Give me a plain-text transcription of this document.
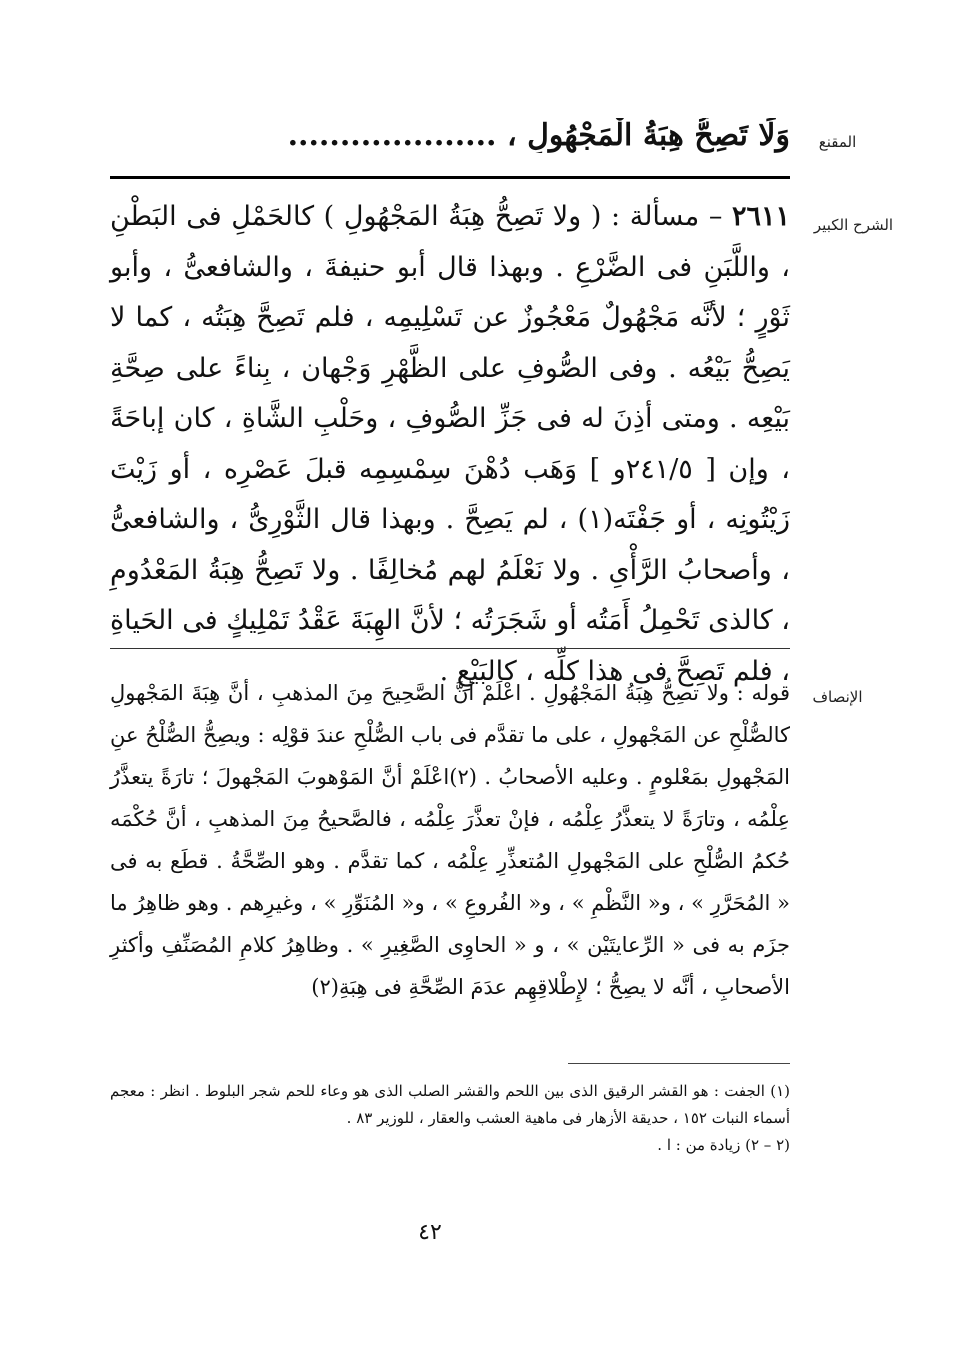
المقنع
وَلَا تَصِحُّ هِبَةُ الْمَجْهُولِ ، ....................
الشرح الكبير
٢٦١١ – مسألة : ( ولا تَصِحُّ هِبَةُ المَجْهُولِ ) كالحَمْلِ فى البَطْنِ ، واللَّبَنِ فى الضَّرْعِ . وبهذا قال أبو حنيفةَ ، والشافعىُّ ، وأبو ثَوْرٍ ؛ لأنَّه مَجْهُولٌ مَعْجُوزٌ عن تَسْلِيمِه ، فلم تَصِحَّ هِبَتُه ، كما لا يَصِحُّ بَيْعُه . وفى الصُّوفِ على الظَّهْرِ وَجْهان ، بِناءً على صِحَّةِ بَيْعِه . ومتى أذِنَ له فى جَزِّ الصُّوفِ ، وحَلْبِ الشَّاةِ ، كان إباحَةً ، وإن [ ٢٤١/٥و ] وَهَب دُهْنَ سِمْسِمِه قبلَ عَصْرِه ، أو زَيْتَ زَيْتُونِه ، أو جَفْتَه(١) ، لم يَصِحَّ . وبهذا قال الثَّوْرِىُّ ، والشافعىُّ ، وأصحابُ الرَّأْىِ . ولا نَعْلَمُ لهم مُخالِفًا . ولا تَصِحُّ هِبَةُ المَعْدُومِ ، كالذى تَحْمِلُ أَمَتُه أو شَجَرَتُه ؛ لأنَّ الهِبَةَ عَقْدُ تَمْلِيكٍ فى الحَياةِ ، فلم تَصِحَّ فى هذا كلِّه ، كالبَيْعِ .
الإنصاف
قوله : ولا تصِحُّ هِبَةُ المَجْهُولِ . اعْلَمْ أنَّ الصَّحِيحَ مِنَ المذهبِ ، أنَّ هِبَةَ المَجْهولِ كالصُّلْحِ عن المَجْهولِ ، على ما تقدَّم فى باب الصُّلْحِ عندَ قوْلِه : ويصِحُّ الصُّلْحُ عنِ المَجْهولِ بمَعْلومٍ . وعليه الأصحابُ . (٢)اعْلَمْ أنَّ المَوْهوبَ المَجْهولَ ؛ تارَةً يتعذَّرُ عِلْمُه ، وتارَةً لا يتعذَّرُ عِلْمُه ، فإنْ تعذَّرَ عِلْمُه ، فالصَّحيحُ مِنَ المذهبِ ، أنَّ حُكْمَه حُكمُ الصُّلْحِ على المَجْهولِ المُتعذِّرِ عِلْمُه ، كما تقدَّم . وهو الصِّحَّةُ . قطَع به فى « المُحَرَّرِ » ، و« النَّظْمِ » ، و« الفُروعِ » ، و« المُنَوِّرِ » ، وغيرِهم . وهو ظاهِرُ ما جزَم به فى « الرِّعايتَيْن » ، و « الحاوِى الصَّغِيرِ » . وظاهِرُ كلامِ المُصَنِّفِ وأكثرِ الأصحابِ ، أنَّه لا يصِحُّ ؛ لإِطْلاقِهِم عدَمَ الصِّحَّةِ فى هِبَةِ(٢)

(١) الجفت : هو القشر الرقيق الذى بين اللحم والقشر الصلب الذى هو وعاء للحم شجر البلوط . انظر : معجم أسماء النبات ١٥٢ ، حديقة الأزهار فى ماهية العشب والعقار ، للوزير ٨٣ .

(٢ – ٢) زيادة من : ا .

٤٢
